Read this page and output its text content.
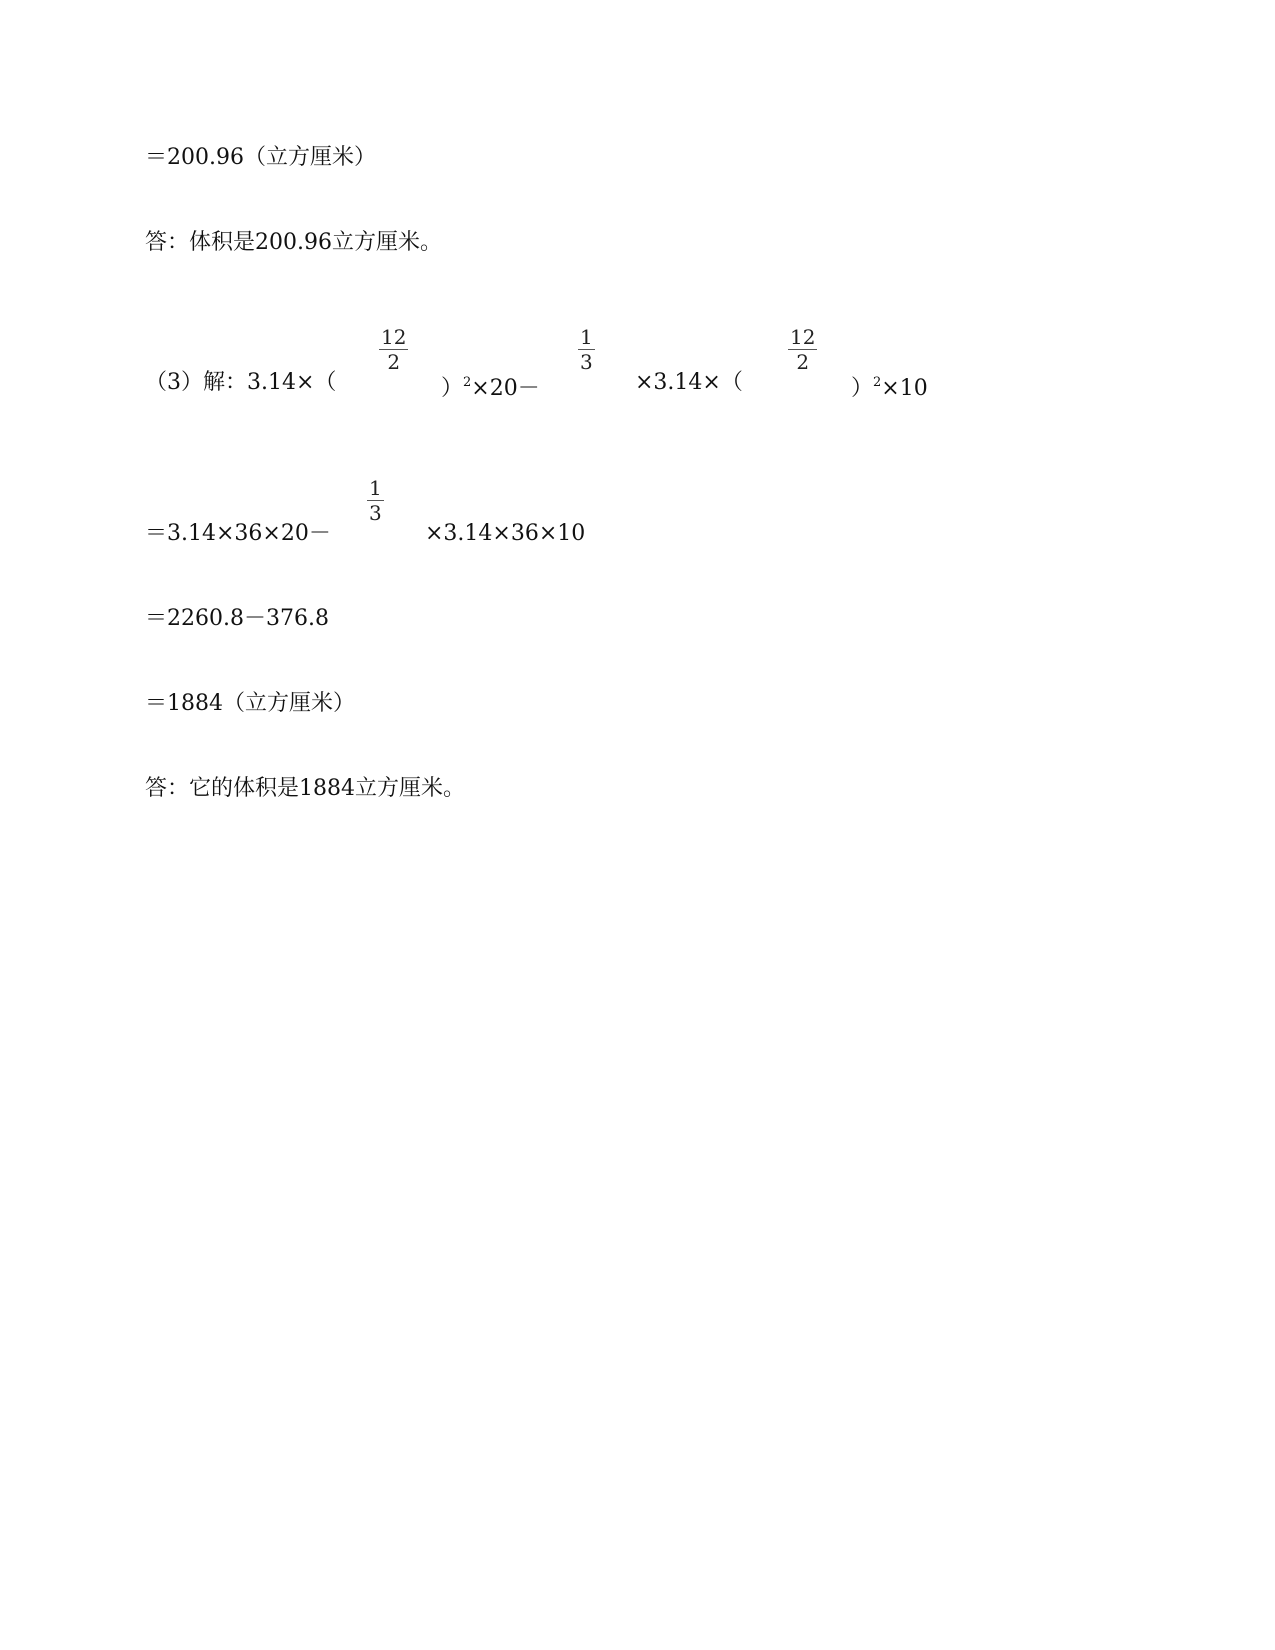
＝200.96（立方厘米）
答：体积是200.96立方厘米。
（3）解：3.14×（
12
2
）$^2$×20－
1
3
×3.14×（
12
2
）$^2$×10
＝3.14×36×20－
1
3
×3.14×36×10
＝2260.8－376.8
＝1884（立方厘米）
答：它的体积是1884立方厘米。
